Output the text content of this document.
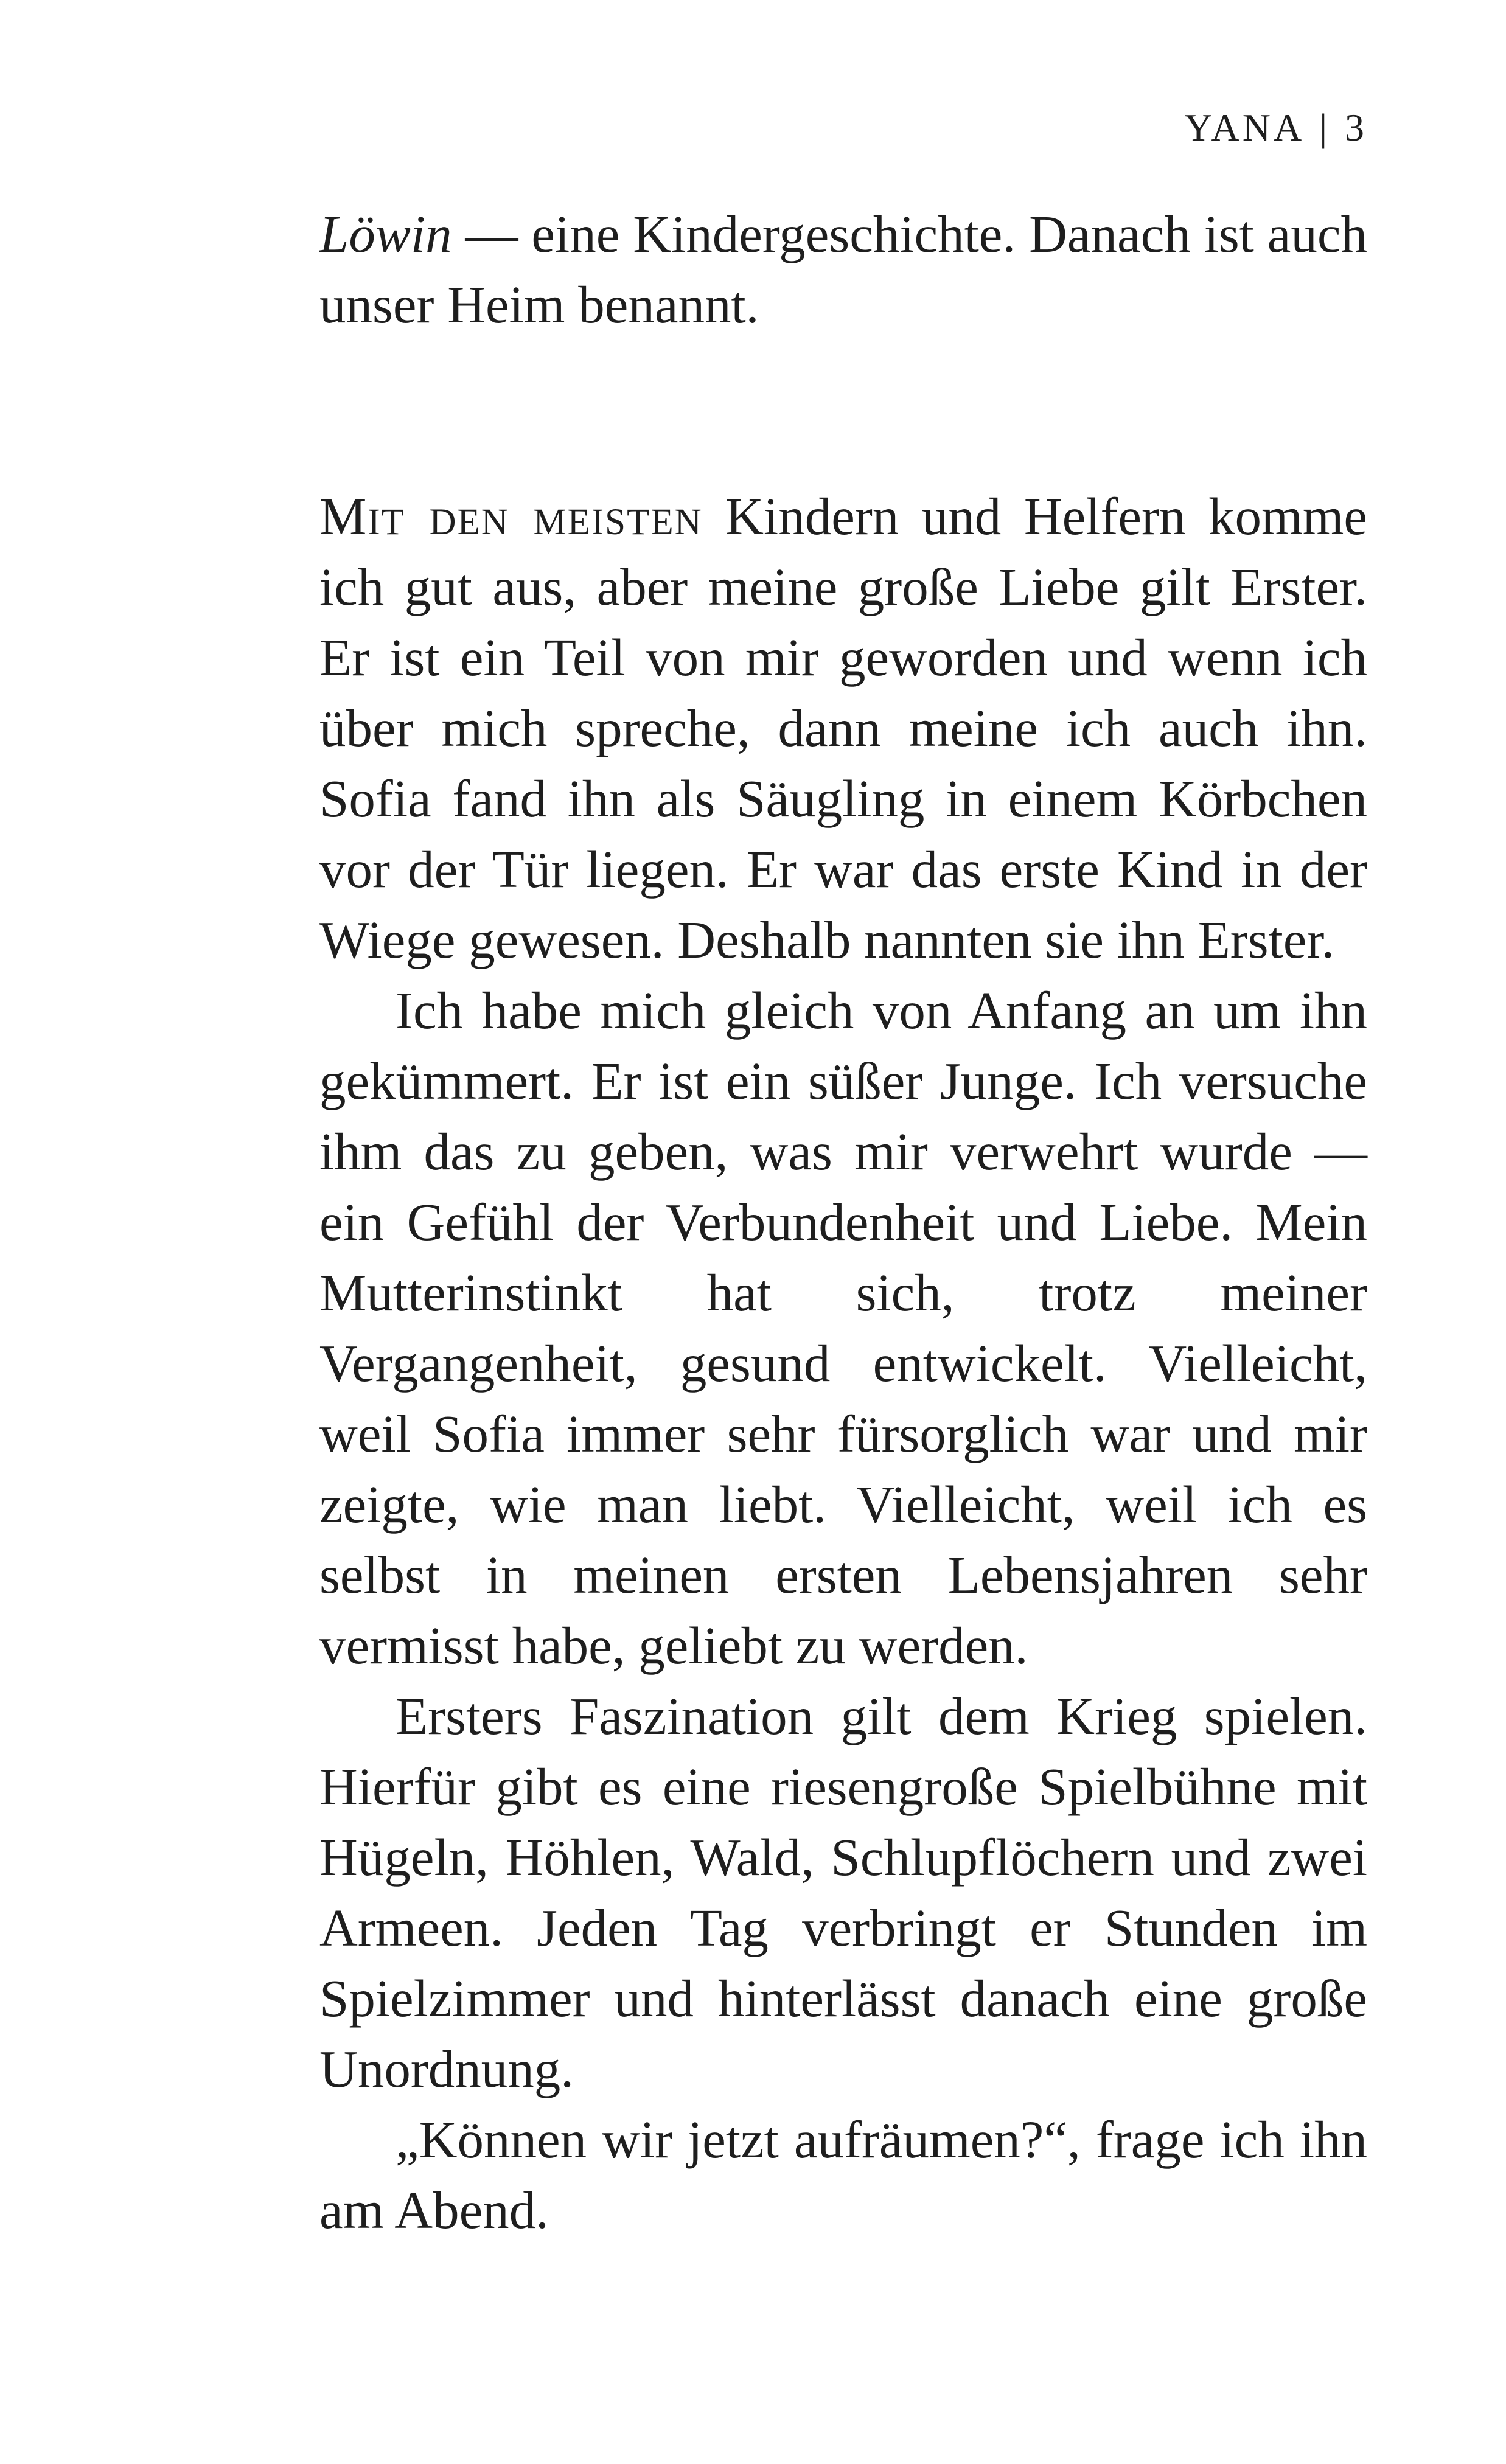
YANA | 3

Löwin — eine Kindergeschichte. Danach ist auch unser Heim benannt.

Mit den meisten Kindern und Helfern komme ich gut aus, aber meine große Liebe gilt Erster. Er ist ein Teil von mir geworden und wenn ich über mich spreche, dann meine ich auch ihn. Sofia fand ihn als Säugling in einem Körbchen vor der Tür liegen. Er war das erste Kind in der Wiege gewesen. Deshalb nannten sie ihn Erster.

Ich habe mich gleich von Anfang an um ihn gekümmert. Er ist ein süßer Junge. Ich versuche ihm das zu geben, was mir verwehrt wurde — ein Gefühl der Verbundenheit und Liebe. Mein Mutterinstinkt hat sich, trotz meiner Vergangenheit, gesund entwickelt. Vielleicht, weil Sofia immer sehr fürsorglich war und mir zeigte, wie man liebt. Vielleicht, weil ich es selbst in meinen ersten Lebensjahren sehr vermisst habe, geliebt zu werden.

Ersters Faszination gilt dem Krieg spielen. Hierfür gibt es eine riesengroße Spielbühne mit Hügeln, Höhlen, Wald, Schlupflöchern und zwei Armeen. Jeden Tag verbringt er Stunden im Spielzimmer und hinterlässt danach eine große Unordnung.

„Können wir jetzt aufräumen?“, frage ich ihn am Abend.
